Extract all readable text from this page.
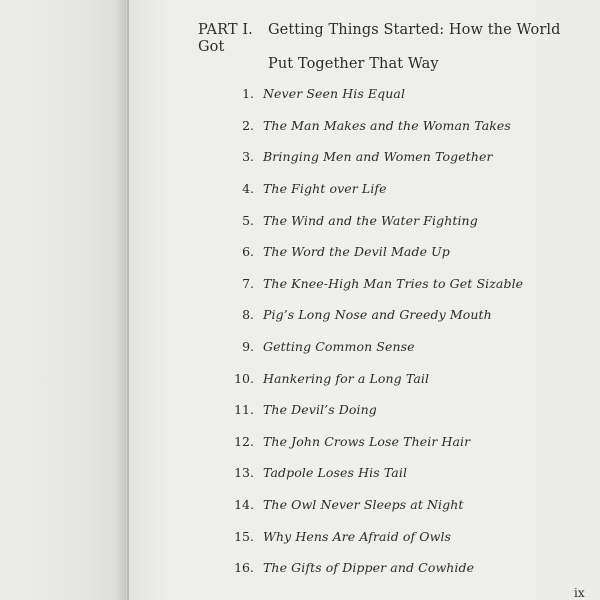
PART I. Getting Things Started: How the World Got
Put Together That Way
1. Never Seen His Equal
2. The Man Makes and the Woman Takes
3. Bringing Men and Women Together
4. The Fight over Life
5. The Wind and the Water Fighting
6. The Word the Devil Made Up
7. The Knee-High Man Tries to Get Sizable
8. Pig’s Long Nose and Greedy Mouth
9. Getting Common Sense
10. Hankering for a Long Tail
11. The Devil’s Doing
12. The John Crows Lose Their Hair
13. Tadpole Loses His Tail
14. The Owl Never Sleeps at Night
15. Why Hens Are Afraid of Owls
16. The Gifts of Dipper and Cowhide
ix
